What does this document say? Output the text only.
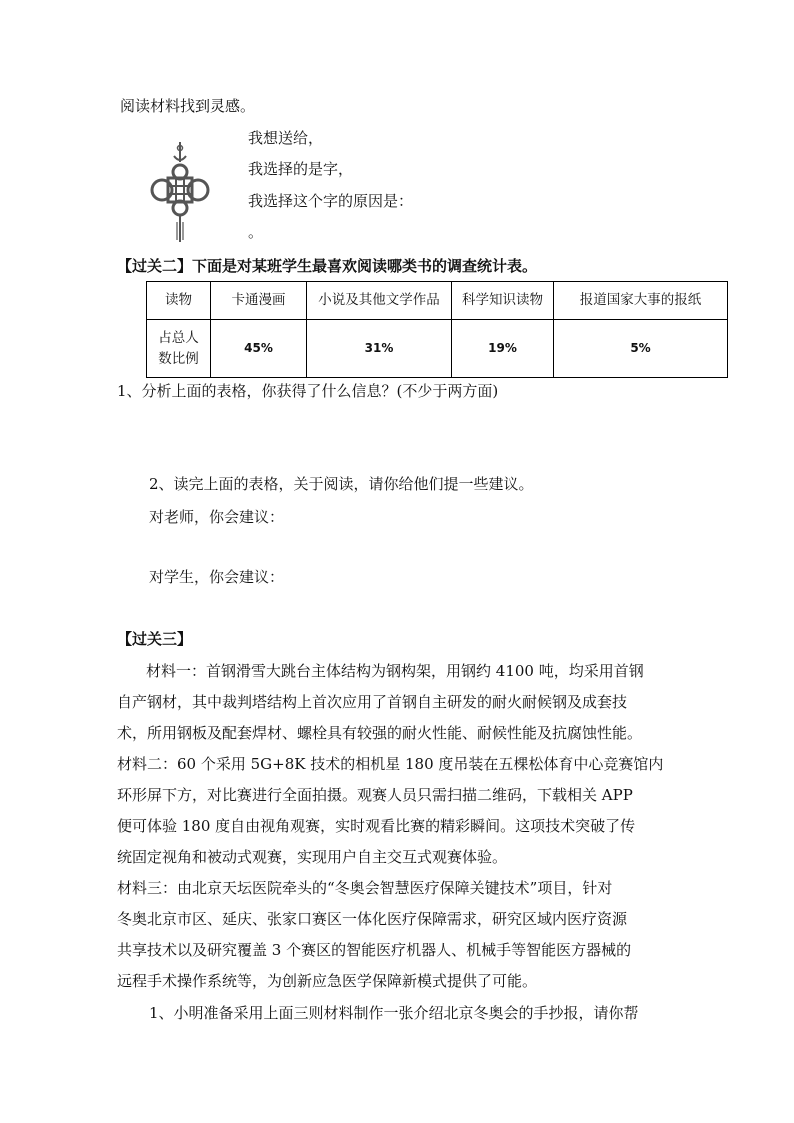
阅读材料找到灵感。
我想送给，
我选择的是字，
我选择这个字的原因是：
。
【过关二】下面是对某班学生最喜欢阅读哪类书的调查统计表。
读物	卡通漫画	小说及其他文学作品	科学知识读物	报道国家大事的报纸
占总人
数比例	45%	31%	19%	5%
1、分析上面的表格，你获得了什么信息？(不少于两方面)
2、读完上面的表格，关于阅读，请你给他们提一些建议。
对老师，你会建议：
对学生，你会建议：
【过关三】
材料一：首钢滑雪大跳台主体结构为钢构架，用钢约 4100 吨，均采用首钢
自产钢材，其中裁判塔结构上首次应用了首钢自主研发的耐火耐候钢及成套技
术，所用钢板及配套焊材、螺栓具有较强的耐火性能、耐候性能及抗腐蚀性能。
材料二：60 个采用 5G+8K 技术的相机星 180 度吊装在五棵松体育中心竞赛馆内
环形屏下方，对比赛进行全面拍摄。观赛人员只需扫描二维码，下载相关 APP
便可体验 180 度自由视角观赛，实时观看比赛的精彩瞬间。这项技术突破了传
统固定视角和被动式观赛，实现用户自主交互式观赛体验。
材料三：由北京天坛医院牵头的“冬奥会智慧医疗保障关键技术”项目，针对
冬奥北京市区、延庆、张家口赛区一体化医疗保障需求，研究区域内医疗资源
共享技术以及研究覆盖 3 个赛区的智能医疗机器人、机械手等智能医方器械的
远程手术操作系统等，为创新应急医学保障新模式提供了可能。
1、小明准备采用上面三则材料制作一张介绍北京冬奥会的手抄报，请你帮
